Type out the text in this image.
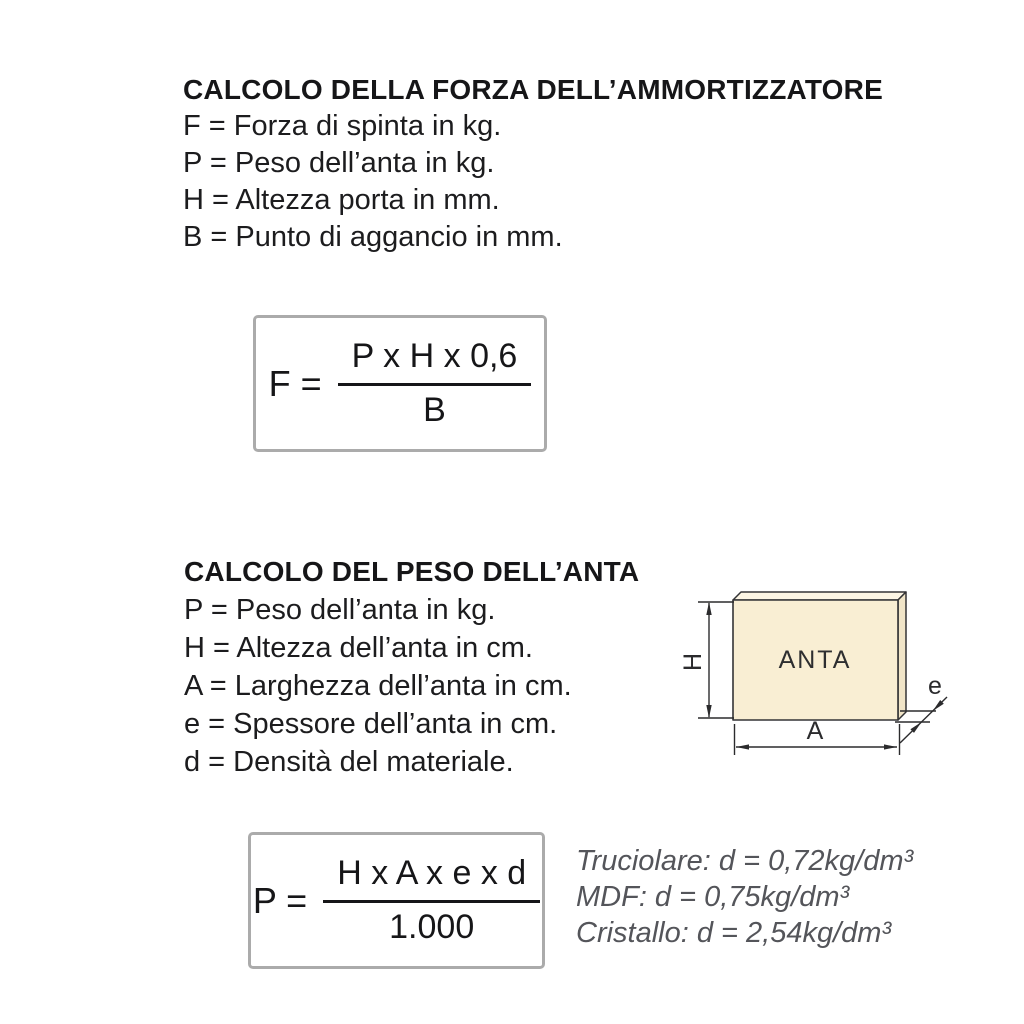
CALCOLO DELLA FORZA DELL’AMMORTIZZATORE
F = Forza di spinta in kg.
P = Peso dell’anta in kg.
H = Altezza porta in mm.
B = Punto di aggancio in mm.
$F = \frac{\text{P x H x 0,6}}{B}$
CALCOLO DEL PESO DELL’ANTA
P = Peso dell’anta in kg.
H = Altezza dell’anta in cm.
A = Larghezza dell’anta in cm.
e = Spessore dell’anta in cm.
d = Densità del materiale.
ANTA
H
A
e
$P = \frac{\text{H x A x e x d}}{1.000}$ Truciolare: d = 0,72kg/dm³
MDF: d = 0,75kg/dm³
Cristallo: d = 2,54kg/dm³
